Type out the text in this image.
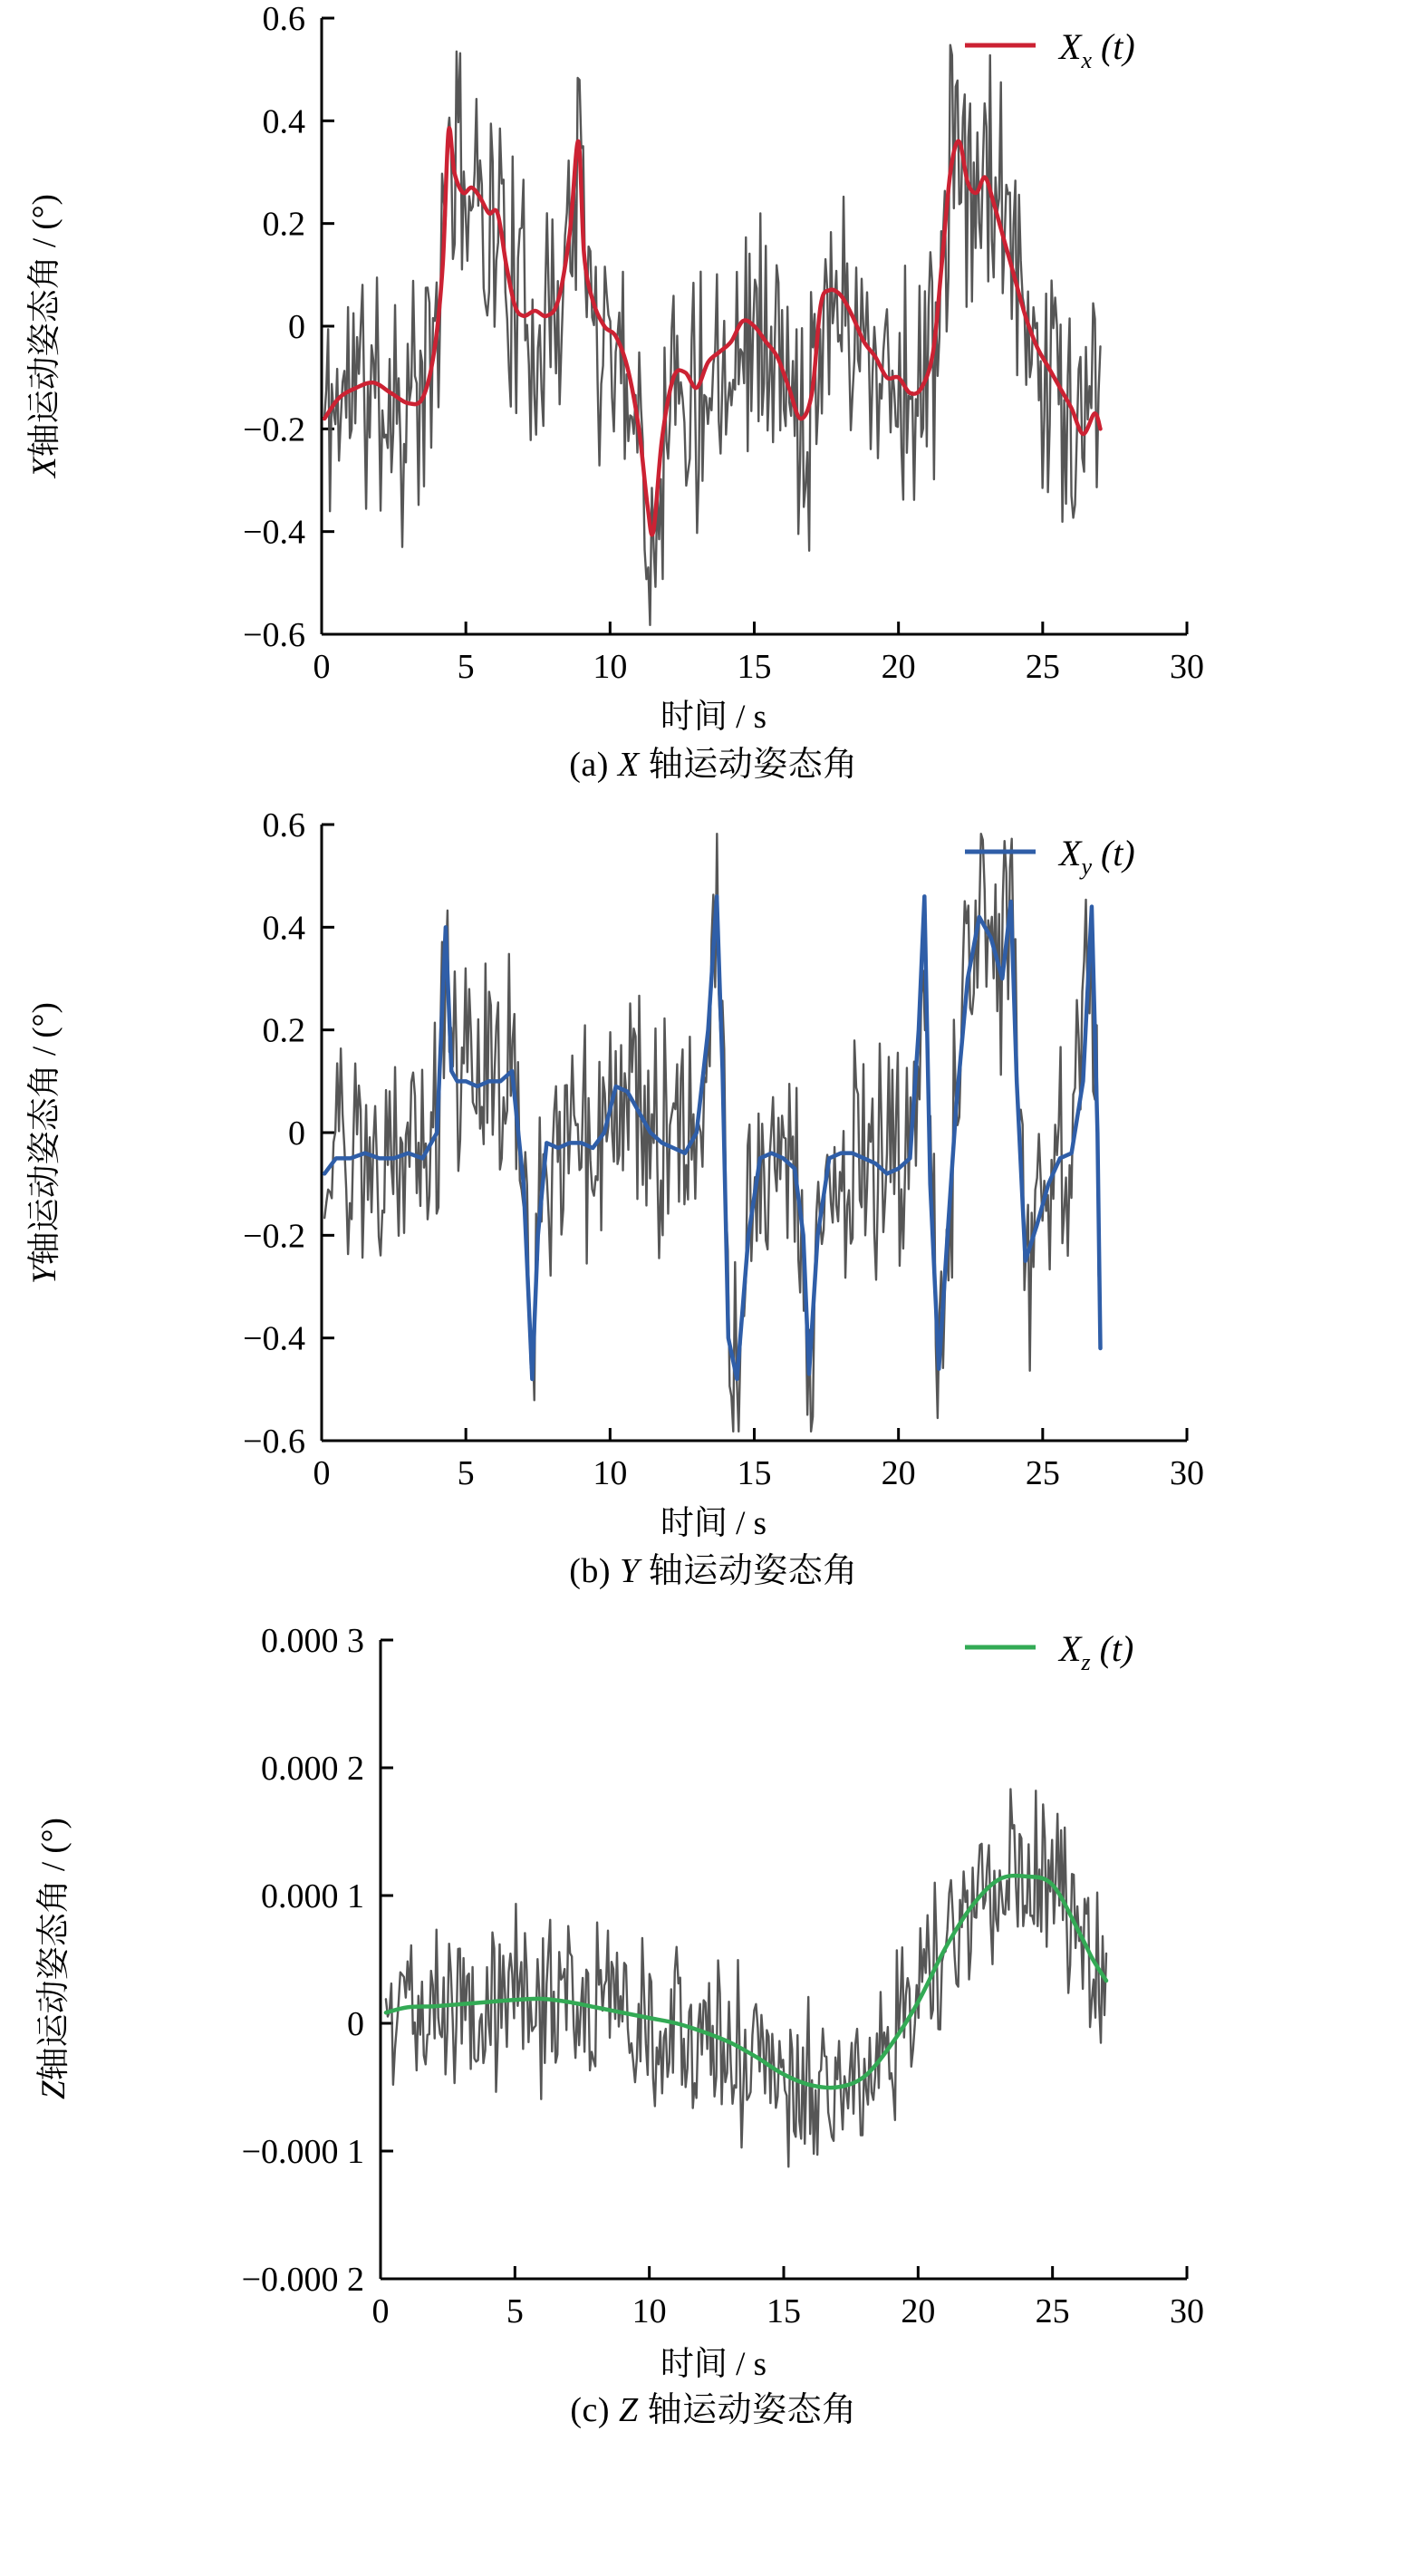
X轴运动姿态角 / (°)
0	5	10	15	20	25	30
−0.6
−0.4
−0.2
0
0.2
0.4
0.6
$X_x$ (t)
时间 / s
(a) X 轴运动姿态角
Y轴运动姿态角 / (°)
0	5	10	15	20	25	30
−0.6
−0.4
−0.2
0
0.2
0.4
0.6
$X_y$ (t)
时间 / s
(b) Y 轴运动姿态角
Z轴运动姿态角 / (°)
0	5	10	15	20	25	30
−0.000 2
−0.000 1
0
0.000 1
0.000 2
0.000 3	$X_z$ (t)
时间 / s
(c) Z 轴运动姿态角
